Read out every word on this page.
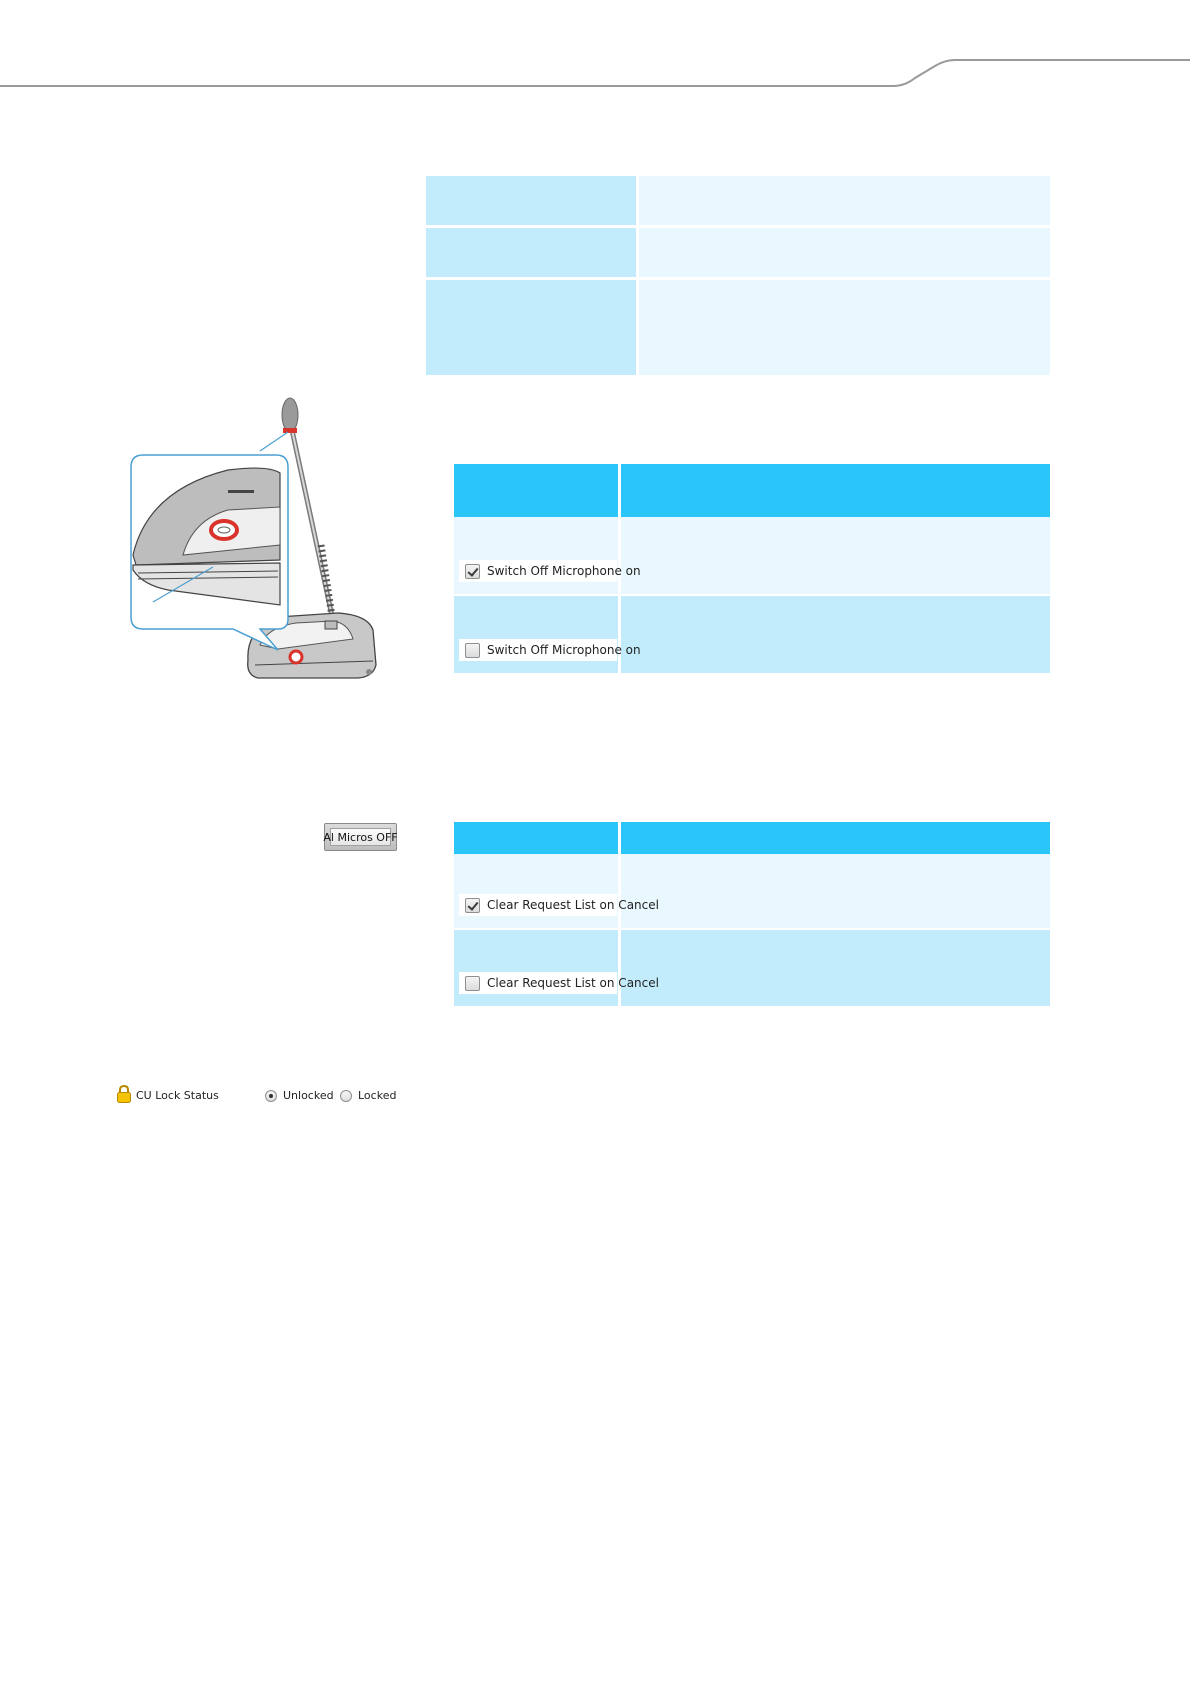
Switch Off Microphone on
Switch Off Microphone on
Al Micros OFF
Clear Request List on Cancel
Clear Request List on Cancel
CU Lock Status	Unlocked Locked
